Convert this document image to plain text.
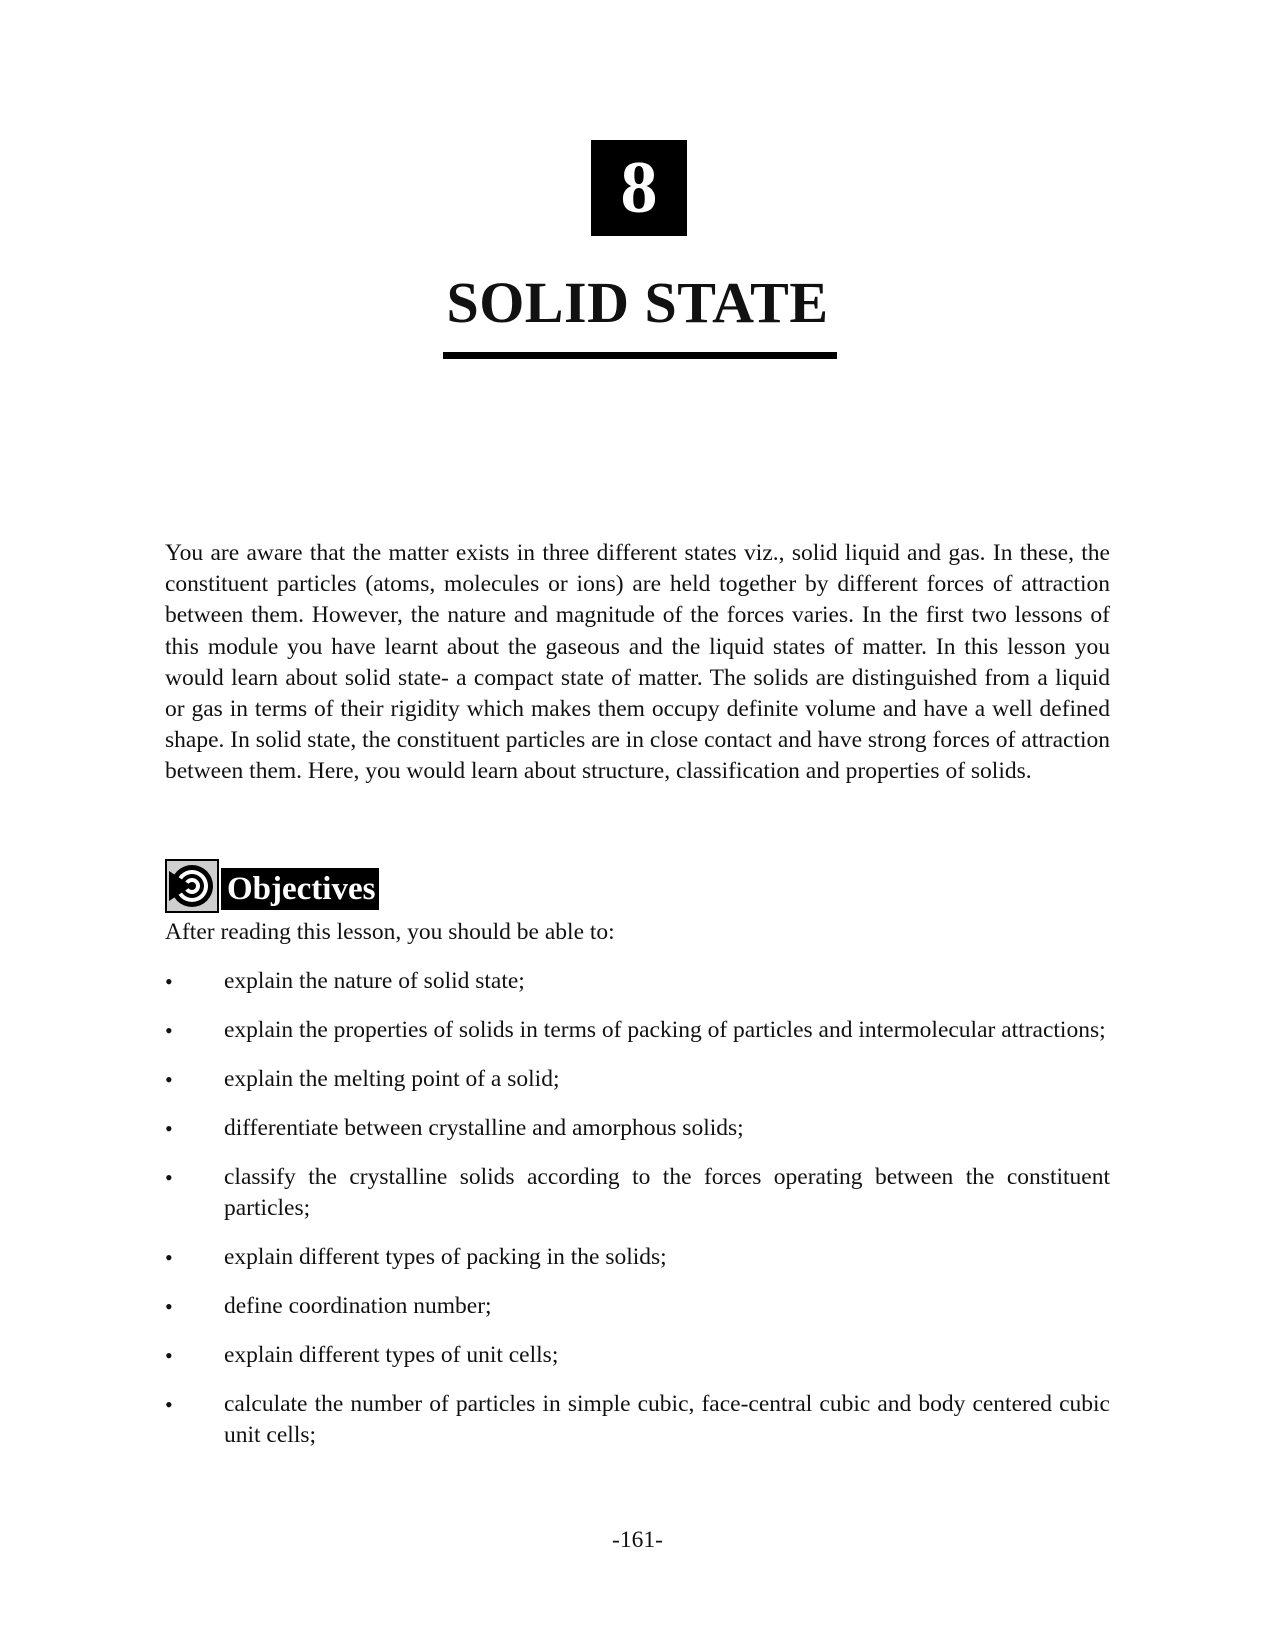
8
SOLID STATE

You are aware that the matter exists in three different states viz., solid liquid and gas. In these, the constituent particles (atoms, molecules or ions) are held together by different forces of attraction between them. However, the nature and magnitude of the forces varies. In the first two lessons of this module you have learnt about the gaseous and the liquid states of matter. In this lesson you would learn about solid state- a compact state of matter. The solids are distinguished from a liquid or gas in terms of their rigidity which makes them occupy definite volume and have a well defined shape. In solid state, the constituent particles are in close contact and have strong forces of attraction between them. Here, you would learn about structure, classification and properties of solids.

Objectives

After reading this lesson, you should be able to:

•	explain the nature of solid state;
•	explain the properties of solids in terms of packing of particles and intermolecular attractions;
•	explain the melting point of a solid;
•	differentiate between crystalline and amorphous solids;
•	classify the crystalline solids according to the forces operating between the constituent particles;
•	explain different types of packing in the solids;
•	define coordination number;
•	explain different types of unit cells;
•	calculate the number of particles in simple cubic, face-central cubic and body centered cubic unit cells;
-161-
